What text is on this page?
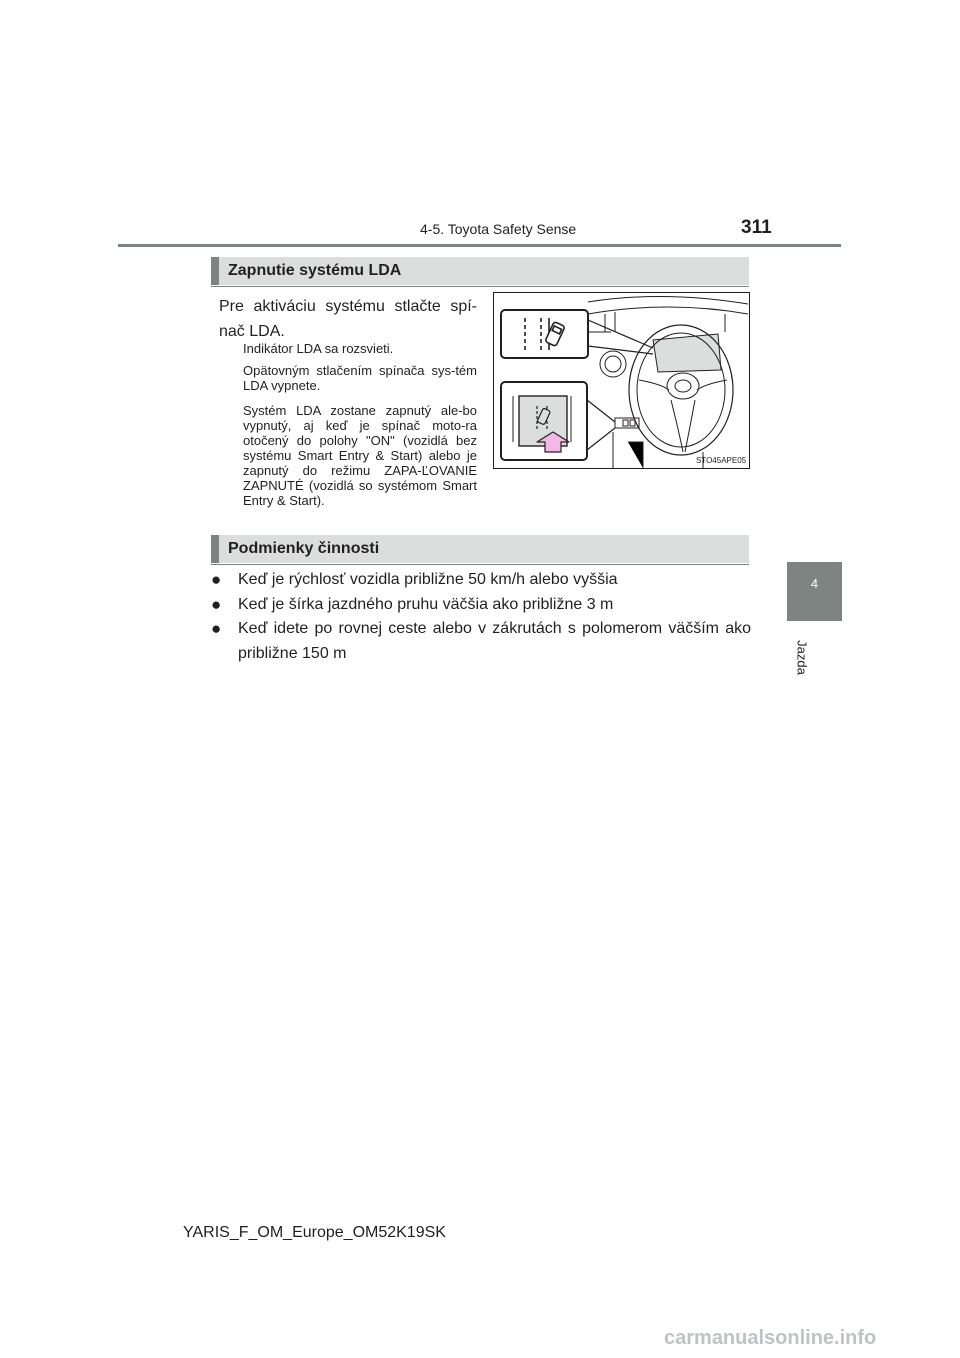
4-5. Toyota Safety Sense	311
4
Jazda
Zapnutie systému LDA
Pre aktiváciu systému stlačte spí-nač LDA.
Indikátor LDA sa rozsvieti.
Opätovným stlačením spínača sys-tém LDA vypnete.
Systém LDA zostane zapnutý ale-bo vypnutý, aj keď je spínač moto-ra otočený do polohy "ON" (vozidlá bez systému Smart Entry & Start) alebo je zapnutý do režimu ZAPA-ĽOVANIE ZAPNUTÉ (vozidlá so systémom Smart Entry & Start).
STO45APE05
Podmienky činnosti
●	Keď je rýchlosť vozidla približne 50 km/h alebo vyššia
●	Keď je šírka jazdného pruhu väčšia ako približne 3 m
●	Keď idete po rovnej ceste alebo v zákrutách s polomerom väčším ako približne 150 m
YARIS_F_OM_Europe_OM52K19SK
carmanualsonline.info
